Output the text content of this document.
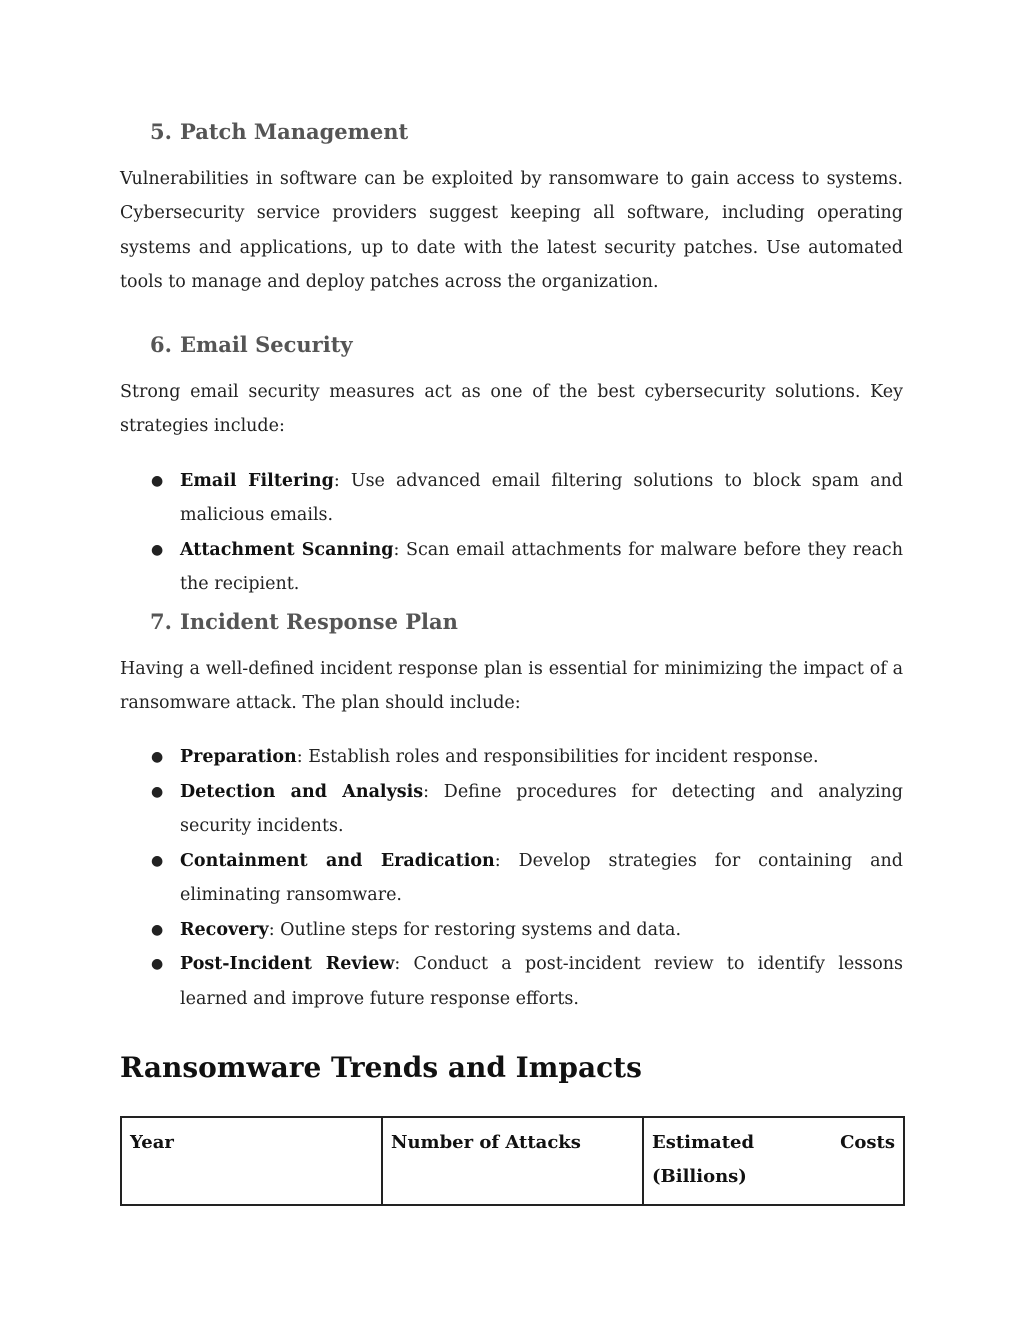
5. Patch Management

Vulnerabilities in software can be exploited by ransomware to gain access to systems. Cybersecurity service providers suggest keeping all software, including operating systems and applications, up to date with the latest security patches. Use automated tools to manage and deploy patches across the organization.

6. Email Security

Strong email security measures act as one of the best cybersecurity solutions. Key strategies include:

● Email Filtering: Use advanced email filtering solutions to block spam and malicious emails.
● Attachment Scanning: Scan email attachments for malware before they reach the recipient.
7. Incident Response Plan

Having a well-defined incident response plan is essential for minimizing the impact of a ransomware attack. The plan should include:

● Preparation: Establish roles and responsibilities for incident response.
● Detection and Analysis: Define procedures for detecting and analyzing security incidents.
● Containment and Eradication: Develop strategies for containing and eliminating ransomware.
● Recovery: Outline steps for restoring systems and data.
● Post-Incident Review: Conduct a post-incident review to identify lessons learned and improve future response efforts.
Ransomware Trends and Impacts
Year	Number of Attacks	Estimated Costs (Billions)
